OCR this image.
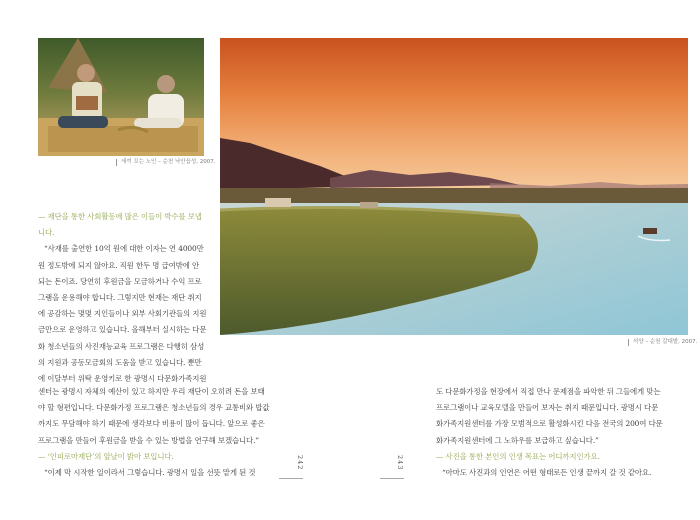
새끼 꼬는 노인 – 순천 낙안읍성, 2007.
석양 – 순천 갈대밭, 2007.

— 재단을 통한 사회활동에 많은 이들이 박수를 보냅

니다.

“사재를 출연한 10억 원에 대한 이자는 연 4000만

원 정도밖에 되지 않아요. 직원 한두 명 급여밖에 안

되는 돈이죠. 당연히 후원금을 모금하거나 수익 프로

그램을 운용해야 합니다. 그렇지만 현재는 재단 취지

에 공감하는 몇몇 지인들이나 외부 사회기관들의 지원

금만으로 운영하고 있습니다. 올해부터 실시하는 다문

화 청소년들의 사진재능교육 프로그램은 다행히 삼성

의 지원과 공동모금회의 도움을 받고 있습니다. 뿐만

에 이달부터 위탁 운영키로 한 광명시 다문화가족지원

센터는 광명시 자체의 예산이 있고 하지만 우리 재단이 오히려 돈을 보태

야 할 형편입니다. 다문화가정 프로그램은 청소년들의 경우 교통비와 밥값

까지도 무담해야 하기 때문에 생각보다 비용이 많이 듭니다. 앞으로 좋은

프로그램을 만들어 후원금을 받을 수 있는 방법을 연구해 보겠습니다.”

— ‘인피로마재단’의 앞날이 밝아 보입니다.

“이제 막 시작한 일이라서 그렇습니다. 광명시 일을 선뜻 맡게 된 것

도 다문화가정을 현장에서 직접 만나 문제점을 파악한 뒤 그들에게 맞는

프로그램이나 교육모델을 만들어 보자는 취지 때문입니다. 광명시 다문

화가족지원센터를 가장 모범적으로 활성화시킨 다음 전국의 200여 다문

화가족지원센터에 그 노하우를 보급하고 싶습니다.”

— 사진을 통한 본인의 인생 목표는 어디까지인가요.

“아마도 사진과의 인연은 어떤 형태로든 인생 끝까지 갈 것 같아요.

242	243
